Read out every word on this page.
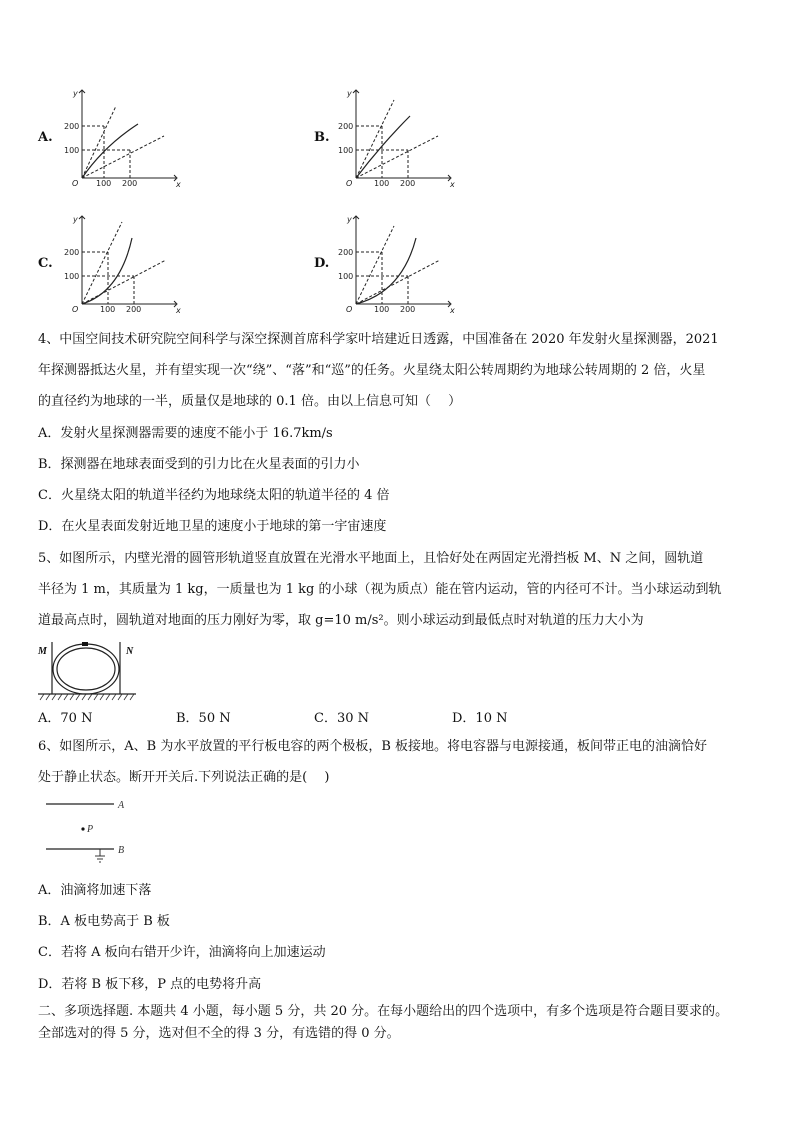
A.	B.
C.	D.
y
x
O
200
100
100 200
y
x
O
200
100
100 200
y
x
O
200
100
100 200
y
x
O
200
100
100 200
4、中国空间技术研究院空间科学与深空探测首席科学家叶培建近日透露，中国准备在 2020 年发射火星探测器，2021
年探测器抵达火星，并有望实现一次“绕”、“落”和“巡”的任务。火星绕太阳公转周期约为地球公转周期的 2 倍，火星
的直径约为地球的一半，质量仅是地球的 0.1 倍。由以上信息可知（　 ）
A．发射火星探测器需要的速度不能小于 16.7km/s
B．探测器在地球表面受到的引力比在火星表面的引力小
C．火星绕太阳的轨道半径约为地球绕太阳的轨道半径的 4 倍
D．在火星表面发射近地卫星的速度小于地球的第一宇宙速度
5、如图所示，内壁光滑的圆管形轨道竖直放置在光滑水平地面上，且恰好处在两固定光滑挡板 M、N 之间，圆轨道
半径为 1 m，其质量为 1 kg，一质量也为 1 kg 的小球（视为质点）能在管内运动，管的内径可不计。当小球运动到轨
道最高点时，圆轨道对地面的压力刚好为零，取 g=10 m/s²。则小球运动到最低点时对轨道的压力大小为
M	N
A．70 N	B．50 N	C．30 N	D．10 N
6、如图所示，A、B 为水平放置的平行板电容的两个极板，B 板接地。将电容器与电源接通，板间带正电的油滴恰好
处于静止状态。断开开关后.下列说法正确的是(　 )
A
P
B
A．油滴将加速下落
B．A 板电势高于 B 板
C．若将 A 板向右错开少许，油滴将向上加速运动
D．若将 B 板下移，P 点的电势将升高
二、多项选择题. 本题共 4 小题，每小题 5 分，共 20 分。在每小题给出的四个选项中，有多个选项是符合题目要求的。
全部选对的得 5 分，选对但不全的得 3 分，有选错的得 0 分。
